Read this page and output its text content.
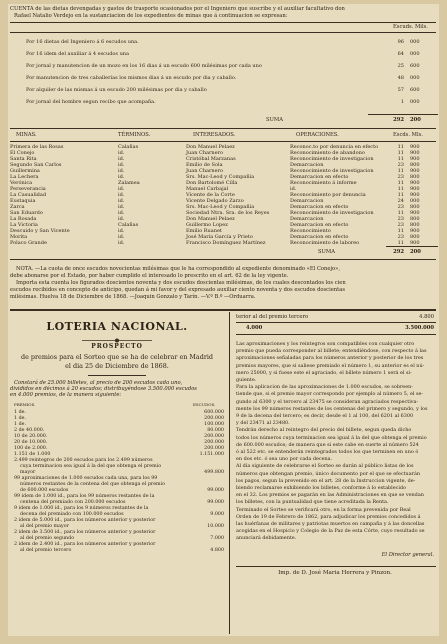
CUENTA de las dietas devengadas y gastos de trasporte ocasionados por el Ingeniero que suscribe y el auxiliar facultativo don
Rafael Natalio Verdejo en la sustanciacion de los expedientes de minas que á continuacion se expresan:
Escuds. Mils.
Por 16 dietas del Ingeniero á 6 escudos una.	96 000
Por 16 idem del auxiliar á 4 escudos una	64 000
Por jornal y manutencion de un mozo en los 16 dias á un escudo 600 milésimas por cada uno	25 600
Por manutencion de tres caballerías los mismos dias á un escudo por dia y caballo.	48 000
Por alquiler de las mismas á un escudo 200 milésimas por dia y caballo	57 600
Por jornal del hombre segun recibo que acompaña.	1 000
SUMA	292 200
MINAS.	TÉRMINOS.	INTERESADOS.	OPERACIONES.	Escds. Mls.
Primera de las Rosas	Calañas	Don Manuel Pelaez	Reconoc.to por denuncia en efecto	11 900
El Conejo	id.	Juan Charnero	Reconocimiento de abandono	11 900
Santa Rita	id.	Cristóbal Marzanas	Reconocimiento de investigacion	11 900
Segundo San Carlos	id.	Emilio de Sola	Demarcacion	23 800
Guillermina	id.	Juan Charnero	Reconocimiento de investigacion	11 900
La Lechera	id.	Srs. Mac-Leod y Compañía	Demarcacion en efecto	23 800
Verónica	Zalamea	Don Bartolomé Cilla	Reconocimiento á informe	11 900
Perseverancia	id.	Manuel Carbajal	id.	11 900
La Casualidad	id.	Vicente de la Corte	Reconocimiento por denuncia	11 900
Eustaquia	id.	Vicente Delgado Zarzo	Demarcacion	24 000
Zarca	id.	Srs. Mac-Leod y Compañía	Demarcacion en efecto	23 800
San Eduardo	id.	Sociedad Ntra. Sra. de los Reyes	Reconocimiento de investigacion	11 900
La Rosada	id.	Don Manuel Pelaez	Demarcacion	23 800
La Victoria	Calañas	Guillermo Lopez	Demarcacion en efecto	23 800
Descuido y San Vicente	id.	Emilio Ruanet	Reconocimiento	11 900
Morita	id.	José María García y Prieto	Demarcacion en efecto	23 800
Polaco Grande	id.	Francisco Domínguez Martínez	Reconocimiento de laboreo	11 900
SUMA	292 200
NOTA. —La cuota de once escudos novecientas milésimas que le ha correspondido al expediente denominado «El Conejo»,
debe abonarse por el Estado, por haber cumplido el interesado lo prescrito en el art. 62 de la ley vigente.
Importa esta cuenta los figurados doscientos noventa y dos escudos doscientas milésimas, de los cuales descontados los cien
escudos recibidos en concepto de anticipo, quedan á mi favor y del expresado auxiliar ciento noventa y dos escudos doscientas
milésimas. Huelva 18 de Diciembre de 1868. —Joaquin Gonzalo y Tarín. —V.º B.º —Orduarra.
LOTERIA NACIONAL.
PROSPECTO
de premios para el Sorteo que se ha de celebrar en Madrid
el dia 25 de Diciembre de 1868.
Constará de 25.000 billetes, al precio de 200 escudos cada uno,
divididos en décimos á 20 escudos; distribuyéndose 3.500.000 escudos
en 4.000 premios, de la manera siguiente:
PREMIOS.	ESCUDOS.
1 de.	600.000
1 de.	200.000
1 de.	100.000
2 de 40.000.	80.000
10 de 20.000.	200.000
20 de 10.000.	200.000
100 de 2.000.	200.000
1.151 de 1.000	1.151.000
2.499 reintegros de 200 escudos para los 2.499 números
cuya terminacion sea igual á la del que obtenga el premio
mayor	499.800
99 aproximaciones de 1.000 escudos cada una, para los 99
números restantes de la centena del que obtenga el premio
de 600.000 escudos	99.000
99 idem de 1.000 id., para los 99 números restantes de la
centena del premiado con 200.000 escudos	99.000
9 idem de 1.000 id., para los 9 números restantes de la
decena del premiado con 100.000 escudos	9.000
2 idem de 5.000 id., para los números anterior y posterior
al del premio mayor	10.000
2 idem de 3.500 id., para los números anterior y posterior
al del premio segundo	7.000
2 idem de 2.400 id., para los números anterior y posterior
al del premio tercero	4.800
terior al del premio tercero	4.800
4.000	3.500.000
Las aproximaciones y los reintegros son compatibles con cualquier otro
premio que pueda corresponder al billete; entendiéndose, con respecto á las
aproximaciones señaladas para los números anterior y posterior de los tres
premios mayores, que si saliese premiado el número 1, su anterior es el nú-
mero 25000, y si fuese este el agraciado, el billete número 1 será el si-
guiente.
Para la aplicacion de las aproximaciones de 1.000 escudos, se sobreen-
tiende que, si el premio mayor correspondo por ejemplo al número 5, el se-
gundo al 6300 y el tercero al 23475 se consideran agraciados respectiva-
mente los 99 números restantes de los centenas del primero y segundo, y los
9 de la decena del tercero; es decir, desde el 1 al 100, del 6201 al 6300
y del 23471 al 23480.
Tendrán derecho al reintegro del precio del billete, segun queda dicho
todos los números cuya terminacion sea igual á la del que obtenga el premio
de 600.000 escudos; de manera que si este cabe en suerte al número 524
ó al 522 etc. se entenderán reintegrados todos los que terminen en uno ó
en dos etc. ó sea uno por cada decena.
Al día siguiente de celebrarse el Sorteo se darán al público listas de los
números que obtengan premio, único documento por el que se efectuarán
los pagos, segun la prevenido en el art. 28 de la Instruccion vigente, de-
biendo reclamarse exhibiendo los billetes, conforme á lo establecido
en el 32. Los premios se pagarán en las Administraciones en que se vendan
los billetes, con la puntualidad que tiene acreditada la Renta.
Terminado el Sorteo se verificará otro, en la forma prevenida por Real
Orden de 19 de Febrero de 1862, para adjudicar los premios concedidos á
las huérfanas de militares y patriotas muertos en campaña y á las doncellas
acogidas en el Hospicio y Colegio de la Paz de esta Córte, cuyo resultado se
anunciará debidamente.
El Director general.
Imp. de D. José Maria Herrera y Pinzon.
